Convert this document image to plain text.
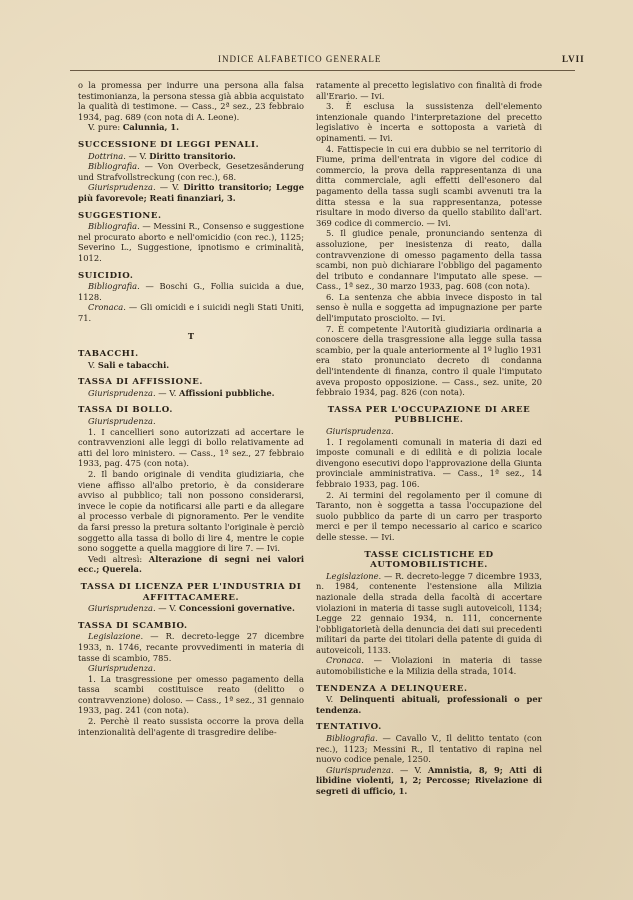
INDICE ALFABETICO GENERALE	LVII

o la promessa per indurre una persona alla falsa testimonianza, la persona stessa già abbia acquistato la qualità di testimone. — Cass., 2ª sez., 23 febbraio 1934, pag. 689 (con nota di A. Leone).

V. pure: Calunnia, 1.

SUCCESSIONE DI LEGGI PENALI.

Dottrina. — V. Diritto transitorio.

Bibliografia. — Von Overbeck, Gesetzesänderung und Strafvollstreckung (con rec.), 68.

Giurisprudenza. — V. Diritto transitorio; Legge più favorevole; Reati finanziari, 3.

SUGGESTIONE.

Bibliografia. — Messini R., Consenso e suggestione nel procurato aborto e nell'omicidio (con rec.), 1125; Severino L., Suggestione, ipnotismo e criminalità, 1012.

SUICIDIO.

Bibliografia. — Boschi G., Follia suicida a due, 1128.

Cronaca. — Gli omicidi e i suicidi negli Stati Uniti, 71.

T

TABACCHI.

V. Sali e tabacchi.

TASSA DI AFFISSIONE.

Giurisprudenza. — V. Affissioni pubbliche.

TASSA DI BOLLO.

Giurisprudenza.

1. I cancellieri sono autorizzati ad accertare le contravvenzioni alle leggi di bollo relativamente ad atti del loro ministero. — Cass., 1ª sez., 27 febbraio 1933, pag. 475 (con nota).

2. Il bando originale di vendita giudiziaria, che viene affisso all'albo pretorio, è da considerare avviso al pubblico; tali non possono considerarsi, invece le copie da notificarsi alle parti e da allegare al processo verbale di pignoramento. Per le vendite da farsi presso la pretura soltanto l'originale è perciò soggetto alla tassa di bollo di lire 4, mentre le copie sono soggette a quella maggiore di lire 7. — Ivi.

Vedi altresì: Alterazione di segni nei valori ecc.; Querela.

TASSA DI LICENZA PER L'INDUSTRIA DI AFFITTACAMERE.

Giurisprudenza. — V. Concessioni governative.

TASSA DI SCAMBIO.

Legislazione. — R. decreto-legge 27 dicembre 1933, n. 1746, recante provvedimenti in materia di tasse di scambio, 785.

Giurisprudenza.

1. La trasgressione per omesso pagamento della tassa scambi costituisce reato (delitto o contravvenzione) doloso. — Cass., 1ª sez., 31 gennaio 1933, pag. 241 (con nota).

2. Perchè il reato sussista occorre la prova della intenzionalità dell'agente di trasgredire delibe-

ratamente al precetto legislativo con finalità di frode all'Erario. — Ivi.

3. È esclusa la sussistenza dell'elemento intenzionale quando l'interpretazione del precetto legislativo è incerta e sottoposta a varietà di opinamenti. — Ivi.

4. Fattispecie in cui era dubbio se nel territorio di Fiume, prima dell'entrata in vigore del codice di commercio, la prova della rappresentanza di una ditta commerciale, agli effetti dell'esonero dal pagamento della tassa sugli scambi avvenuti tra la ditta stessa e la sua rappresentanza, potesse risultare in modo diverso da quello stabilito dall'art. 369 codice di commercio. — Ivi.

5. Il giudice penale, pronunciando sentenza di assoluzione, per inesistenza di reato, dalla contravvenzione di omesso pagamento della tassa scambi, non può dichiarare l'obbligo del pagamento del tributo e condannare l'imputato alle spese. — Cass., 1ª sez., 30 marzo 1933, pag. 608 (con nota).

6. La sentenza che abbia invece disposto in tal senso è nulla e soggetta ad impugnazione per parte dell'imputato prosciolto. — Ivi.

7. È competente l'Autorità giudiziaria ordinaria a conoscere della trasgressione alla legge sulla tassa scambio, per la quale anteriormente al 1º luglio 1931 era stato pronunciato decreto di condanna dell'intendente di finanza, contro il quale l'imputato aveva proposto opposizione. — Cass., sez. unite, 20 febbraio 1934, pag. 826 (con nota).

TASSA PER L'OCCUPAZIONE DI AREE PUBBLICHE.

Giurisprudenza.

1. I regolamenti comunali in materia di dazi ed imposte comunali e di edilità e di polizia locale divengono esecutivi dopo l'approvazione della Giunta provinciale amministrativa. — Cass., 1ª sez., 14 febbraio 1933, pag. 106.

2. Ai termini del regolamento per il comune di Taranto, non è soggetta a tassa l'occupazione del suolo pubblico da parte di un carro per trasporto merci e per il tempo necessario al carico e scarico delle stesse. — Ivi.

TASSE CICLISTICHE ED AUTOMOBILISTICHE.

Legislazione. — R. decreto-legge 7 dicembre 1933, n. 1984, contenente l'estensione alla Milizia nazionale della strada della facoltà di accertare violazioni in materia di tasse sugli autoveicoli, 1134; Legge 22 gennaio 1934, n. 111, concernente l'obbligatorietà della denuncia dei dati sui precedenti militari da parte dei titolari della patente di guida di autoveicoli, 1133.

Cronaca. — Violazioni in materia di tasse automobilistiche e la Milizia della strada, 1014.

TENDENZA A DELINQUERE.

V. Delinquenti abituali, professionali o per tendenza.

TENTATIVO.

Bibliografia. — Cavallo V., Il delitto tentato (con rec.), 1123; Messini R., Il tentativo di rapina nel nuovo codice penale, 1250.

Giurisprudenza. — V. Amnistia, 8, 9; Atti di libidine violenti, 1, 2; Percosse; Rivelazione di segreti di ufficio, 1.
